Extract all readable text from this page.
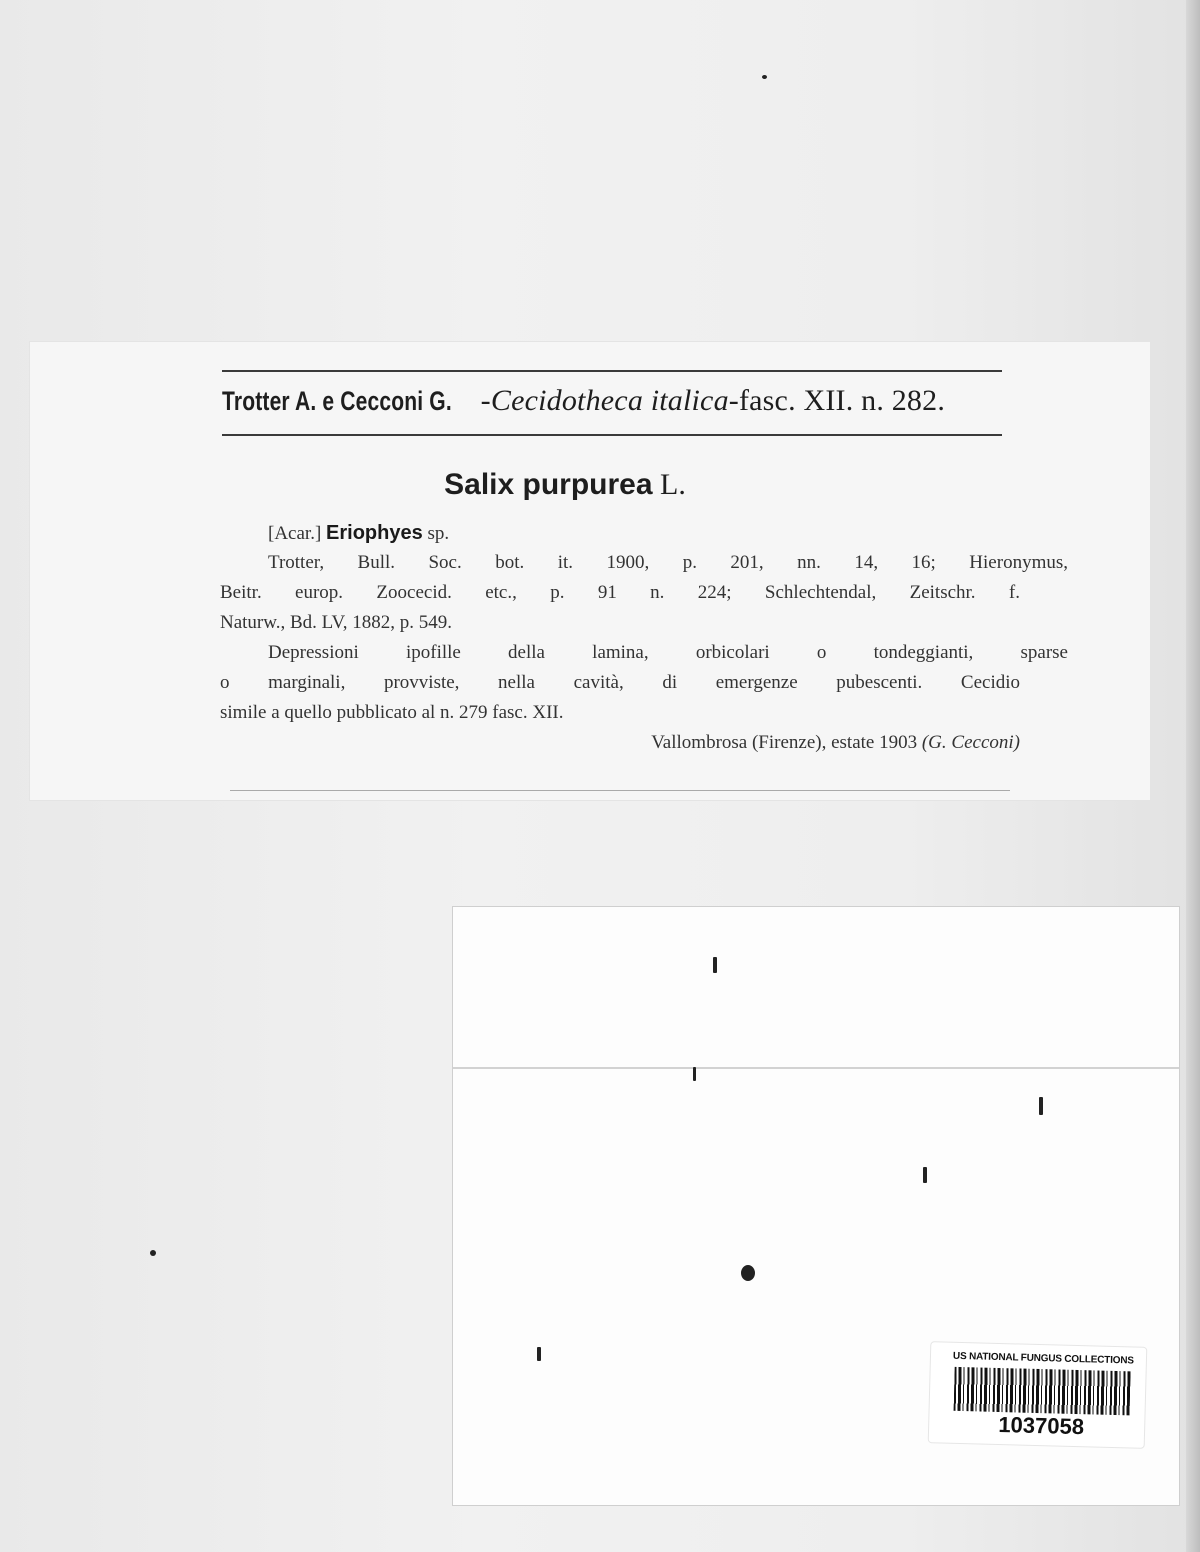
Trotter A. e Cecconi G. - Cecidotheca italica -fasc. XII. n. 282.
Salix purpurea L.
[Acar.] Eriophyes sp.
Trotter, Bull. Soc. bot. it. 1900, p. 201, nn. 14, 16; Hieronymus,
Beitr. europ. Zoocecid. etc., p. 91 n. 224; Schlechtendal, Zeitschr. f.
Naturw., Bd. LV, 1882, p. 549.
Depressioni ipofille della lamina, orbicolari o tondeggianti, sparse
o marginali, provviste, nella cavità, di emergenze pubescenti. Cecidio
simile a quello pubblicato al n. 279 fasc. XII.
Vallombrosa (Firenze), estate 1903 (G. Cecconi)
US NATIONAL FUNGUS COLLECTIONS
1037058
